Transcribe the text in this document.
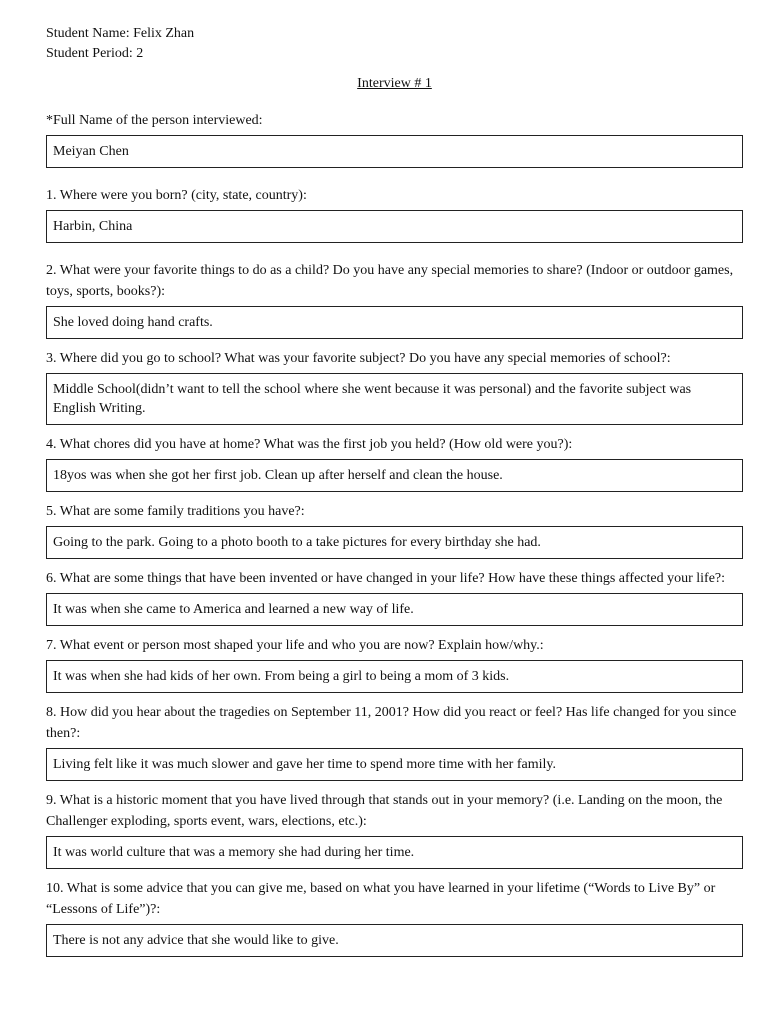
Student Name: Felix Zhan
Student Period: 2
Interview # 1
*Full Name of the person interviewed:
Meiyan Chen
1. Where were you born? (city, state, country):
Harbin, China
2. What were your favorite things to do as a child? Do you have any special memories to share? (Indoor or outdoor games, toys, sports, books?):
She loved doing hand crafts.
3. Where did you go to school? What was your favorite subject? Do you have any special memories of school?:
Middle School(didn’t want to tell the school where she went because it was personal) and the favorite subject was English Writing.
4. What chores did you have at home? What was the first job you held? (How old were you?):
18yos was when she got her first job. Clean up after herself and clean the house.
5. What are some family traditions you have?:
Going to the park. Going to a photo booth to a take pictures for every birthday she had.
6. What are some things that have been invented or have changed in your life? How have these things affected your life?:
It was when she came to America and learned a new way of life.
7. What event or person most shaped your life and who you are now? Explain how/why.:
It was when she had kids of her own. From being a girl to being a mom of 3 kids.
8. How did you hear about the tragedies on September 11, 2001? How did you react or feel? Has life changed for you since then?:
Living felt like it was much slower and gave her time to spend more time with her family.
9. What is a historic moment that you have lived through that stands out in your memory? (i.e. Landing on the moon, the Challenger exploding, sports event, wars, elections, etc.):
It was world culture that was a memory she had during her time.
10. What is some advice that you can give me, based on what you have learned in your lifetime (“Words to Live By” or “Lessons of Life”)?:
There is not any advice that she would like to give.
